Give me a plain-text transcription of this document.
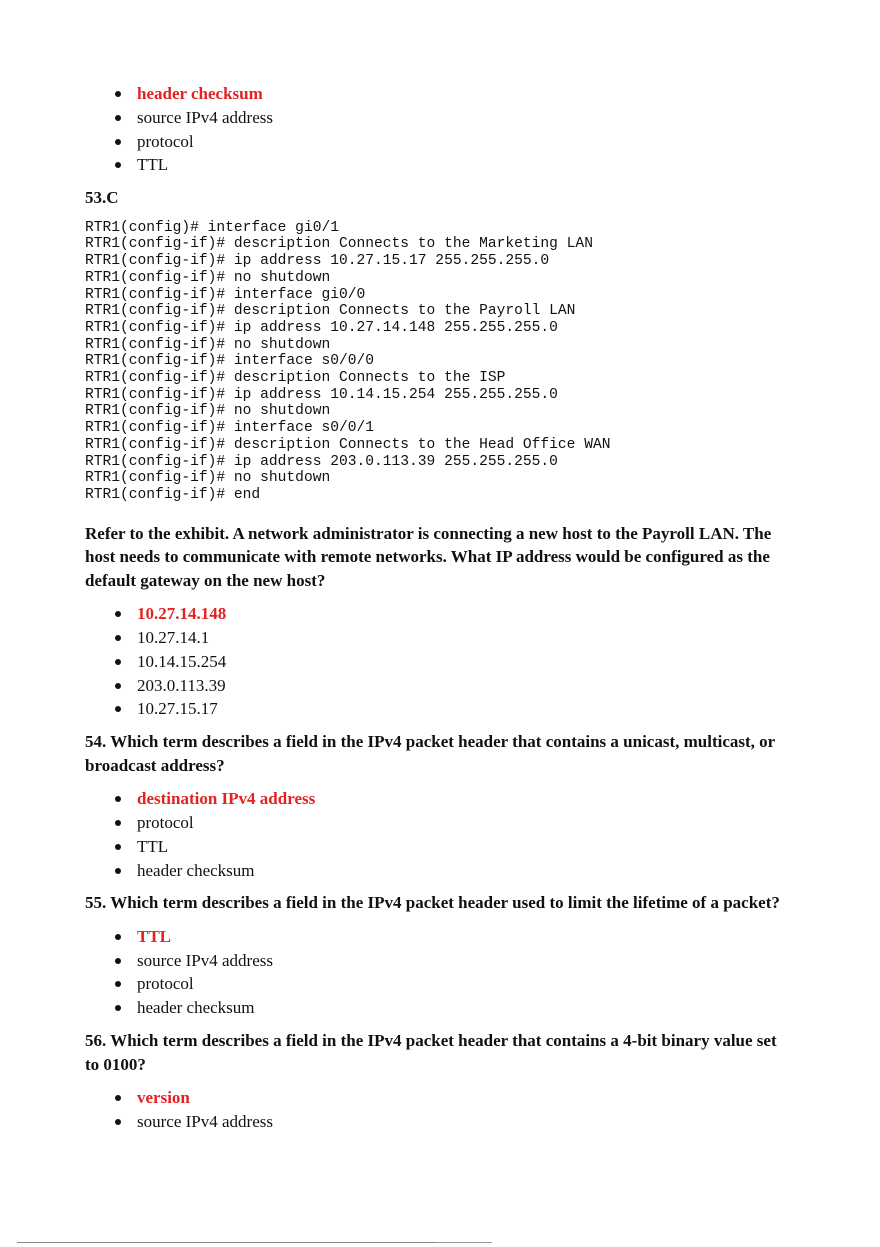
header checksum
source IPv4 address
protocol
TTL

53.C

RTR1(config)# interface gi0/1
RTR1(config-if)# description Connects to the Marketing LAN
RTR1(config-if)# ip address 10.27.15.17 255.255.255.0
RTR1(config-if)# no shutdown
RTR1(config-if)# interface gi0/0
RTR1(config-if)# description Connects to the Payroll LAN
RTR1(config-if)# ip address 10.27.14.148 255.255.255.0
RTR1(config-if)# no shutdown
RTR1(config-if)# interface s0/0/0
RTR1(config-if)# description Connects to the ISP
RTR1(config-if)# ip address 10.14.15.254 255.255.255.0
RTR1(config-if)# no shutdown
RTR1(config-if)# interface s0/0/1
RTR1(config-if)# description Connects to the Head Office WAN
RTR1(config-if)# ip address 203.0.113.39 255.255.255.0
RTR1(config-if)# no shutdown
RTR1(config-if)# end

Refer to the exhibit. A network administrator is connecting a new host to the Payroll LAN. The host needs to communicate with remote networks. What IP address would be configured as the default gateway on the new host?

10.27.14.148
10.27.14.1
10.14.15.254
203.0.113.39
10.27.15.17

54. Which term describes a field in the IPv4 packet header that contains a unicast, multicast, or broadcast address?

destination IPv4 address
protocol
TTL
header checksum

55. Which term describes a field in the IPv4 packet header used to limit the lifetime of a packet?

TTL
source IPv4 address
protocol
header checksum

56. Which term describes a field in the IPv4 packet header that contains a 4-bit binary value set to 0100?

version
source IPv4 address
